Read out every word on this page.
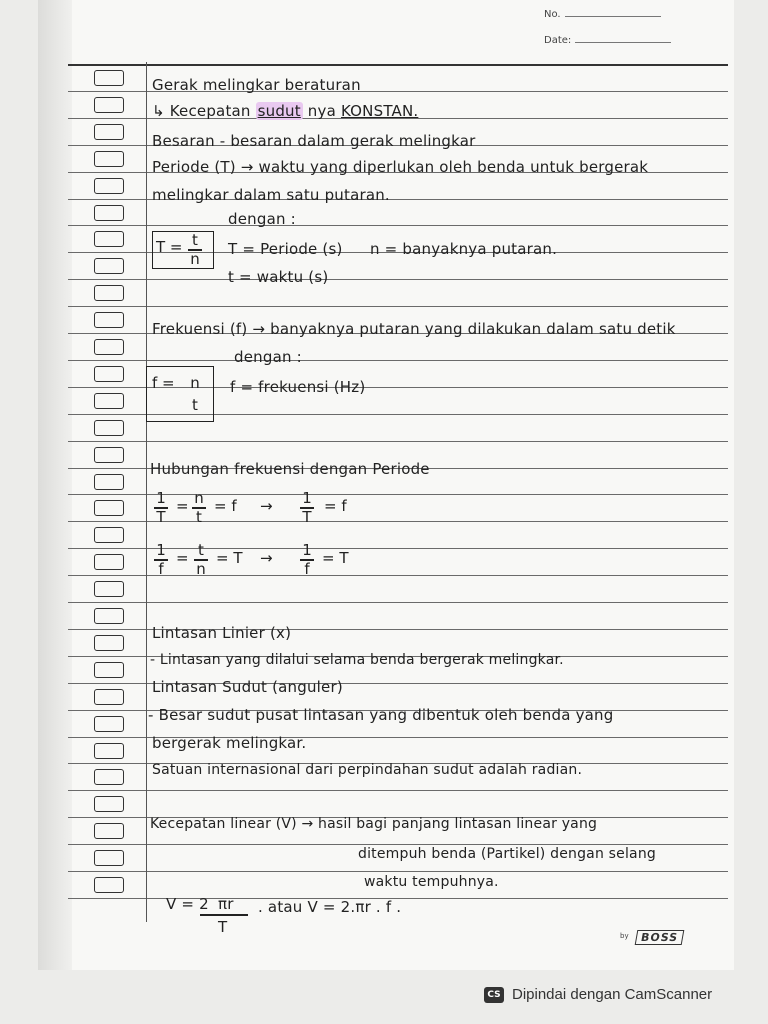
No.
Date:
Gerak melingkar beraturan
↳ Kecepatan sudut nya KONSTAN.
Besaran - besaran dalam gerak melingkar
Periode (T) → waktu yang diperlukan oleh benda untuk bergerak
melingkar dalam satu putaran.
dengan :
T = t
n
T = Periode (s) n = banyaknya putaran.
t = waktu (s)
Frekuensi (f) → banyaknya putaran yang dilakukan dalam satu detik
dengan :
f = n
t
f = frekuensi (Hz)
Hubungan frekuensi dengan Periode
1
T
= n
t
= f → 1
T
= f
1
f
= t
n
= T → 1
f
= T
Lintasan Linier (x)
- Lintasan yang dilalui selama benda bergerak melingkar.
Lintasan Sudut (anguler)
- Besar sudut pusat lintasan yang dibentuk oleh benda yang
bergerak melingkar.
Satuan internasional dari perpindahan sudut adalah radian.
Kecepatan linear (V) → hasil bagi panjang lintasan linear yang
ditempuh benda (Partikel) dengan selang
waktu tempuhnya.
V = 2 πr
T
. atau V = 2.πr . f .
by	BOSS
CS Dipindai dengan CamScanner
